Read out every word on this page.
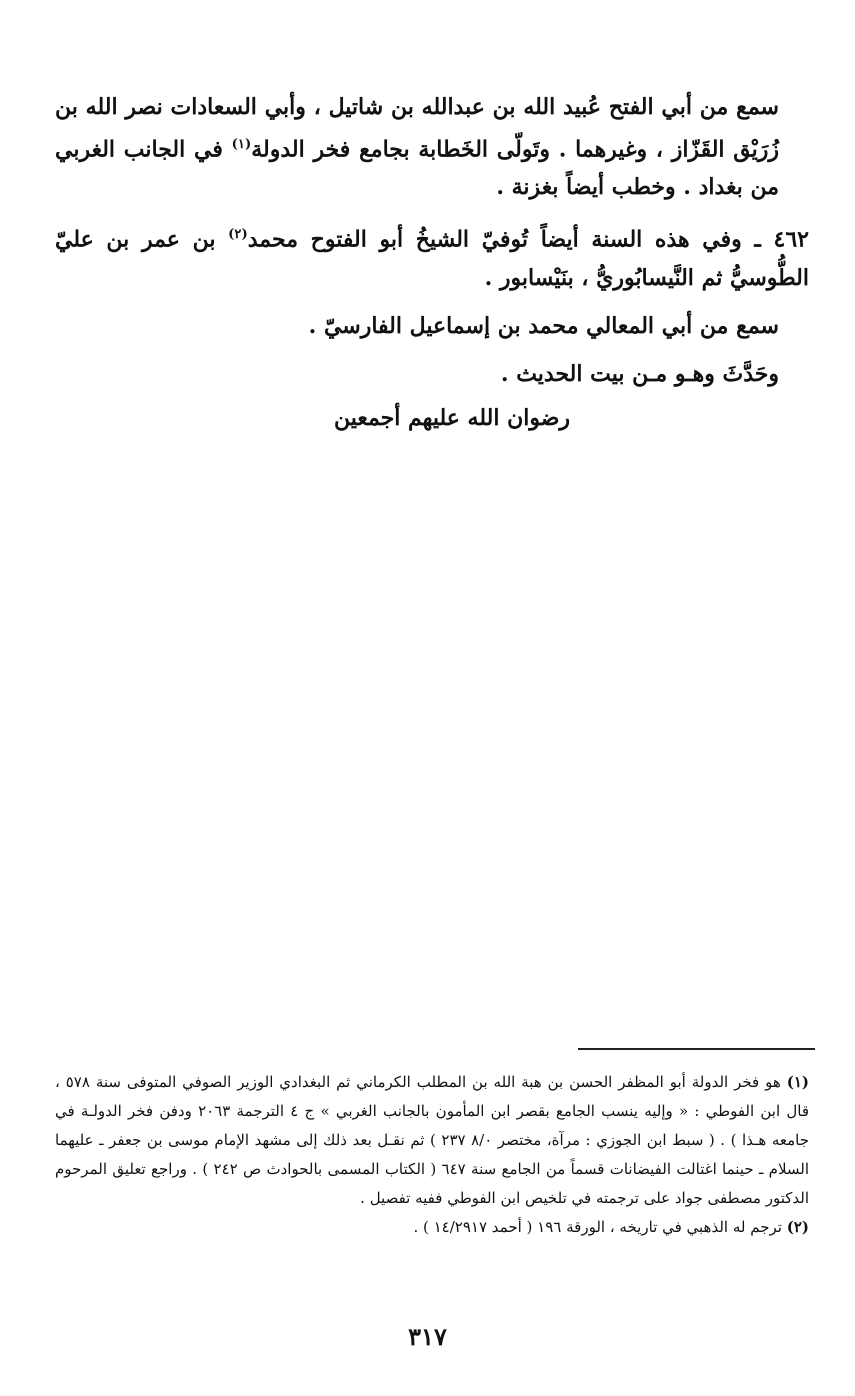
سمع من أبي الفتح عُبيد الله بن عبدالله بن شاتيل ، وأبي السعادات نصر الله بن زُرَيْق القَزّاز ، وغيرهما . وتَولّى الخَطابة بجامع فخر الدولة$^{(١)}$ في الجانب الغربي من بغداد . وخطب أيضاً بغزنة .

٤٦٢ ـ وفي هذه السنة أيضاً تُوفيّ الشيخُ أبو الفتوح محمد$^{(٢)}$ بن عمر بن عليّ الطُّوسيُّ ثم النَّيسابُوريُّ ، بنَيْسابور .

سمع من أبي المعالي محمد بن إسماعيل الفارسيّ .

وحَدَّثَ وهـو مـن بيت الحديث .

رضوان الله عليهم أجمعين

(١) هو فخر الدولة أبو المظفر الحسن بن هبة الله بن المطلب الكرماني ثم البغدادي الوزير الصوفي المتوفى سنة ٥٧٨ ، قال ابن الفوطي : « وإليه ينسب الجامع بقصر ابن المأمون بالجانب الغربي » ج ٤ الترجمة ٢٠٦٣ ودفن فخر الدولـة في جامعه هـذا ) . ( سبط ابن الجوزي : مرآة، مختصر ٨/٠ ٢٣٧ ) ثم نقـل بعد ذلك إلى مشهد الإمام موسى بن جعفر ـ عليهما السلام ـ حينما اغتالت الفيضانات قسماً من الجامع سنة ٦٤٧ ( الكتاب المسمى بالحوادث ص ٢٤٢ ) . وراجع تعليق المرحوم الدكتور مصطفى جواد على ترجمته في تلخيص ابن الفوطي ففيه تفصيل .

(٢) ترجم له الذهبي في تاريخه ، الورقة ١٩٦ ( أحمد ١٤/٢٩١٧ ) .

٣١٧
